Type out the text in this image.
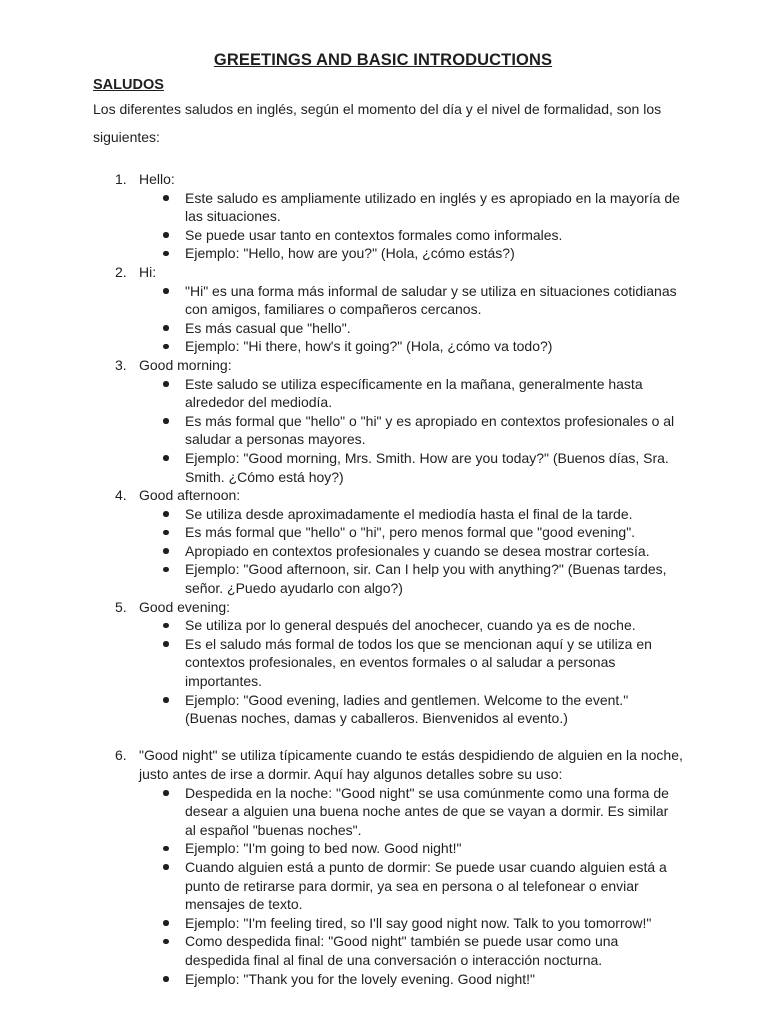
GREETINGS AND BASIC INTRODUCTIONS
SALUDOS

Los diferentes saludos en inglés, según el momento del día y el nivel de formalidad, son los siguientes:

1. Hello:
Este saludo es ampliamente utilizado en inglés y es apropiado en la mayoría de las situaciones.
Se puede usar tanto en contextos formales como informales.
Ejemplo: "Hello, how are you?" (Hola, ¿cómo estás?)
2. Hi:
"Hi" es una forma más informal de saludar y se utiliza en situaciones cotidianas con amigos, familiares o compañeros cercanos.
Es más casual que "hello".
Ejemplo: "Hi there, how's it going?" (Hola, ¿cómo va todo?)
3. Good morning:
Este saludo se utiliza específicamente en la mañana, generalmente hasta alrededor del mediodía.
Es más formal que "hello" o "hi" y es apropiado en contextos profesionales o al saludar a personas mayores.
Ejemplo: "Good morning, Mrs. Smith. How are you today?" (Buenos días, Sra. Smith. ¿Cómo está hoy?)
4. Good afternoon:
Se utiliza desde aproximadamente el mediodía hasta el final de la tarde.
Es más formal que "hello" o "hi", pero menos formal que "good evening".
Apropiado en contextos profesionales y cuando se desea mostrar cortesía.
Ejemplo: "Good afternoon, sir. Can I help you with anything?" (Buenas tardes, señor. ¿Puedo ayudarlo con algo?)
5. Good evening:
Se utiliza por lo general después del anochecer, cuando ya es de noche.
Es el saludo más formal de todos los que se mencionan aquí y se utiliza en contextos profesionales, en eventos formales o al saludar a personas importantes.
Ejemplo: "Good evening, ladies and gentlemen. Welcome to the event." (Buenas noches, damas y caballeros. Bienvenidos al evento.)
6. "Good night" se utiliza típicamente cuando te estás despidiendo de alguien en la noche, justo antes de irse a dormir. Aquí hay algunos detalles sobre su uso:
Despedida en la noche: "Good night" se usa comúnmente como una forma de desear a alguien una buena noche antes de que se vayan a dormir. Es similar al español "buenas noches".
Ejemplo: "I'm going to bed now. Good night!"
Cuando alguien está a punto de dormir: Se puede usar cuando alguien está a punto de retirarse para dormir, ya sea en persona o al telefonear o enviar mensajes de texto.
Ejemplo: "I'm feeling tired, so I'll say good night now. Talk to you tomorrow!"
Como despedida final: "Good night" también se puede usar como una despedida final al final de una conversación o interacción nocturna.
Ejemplo: "Thank you for the lovely evening. Good night!"
